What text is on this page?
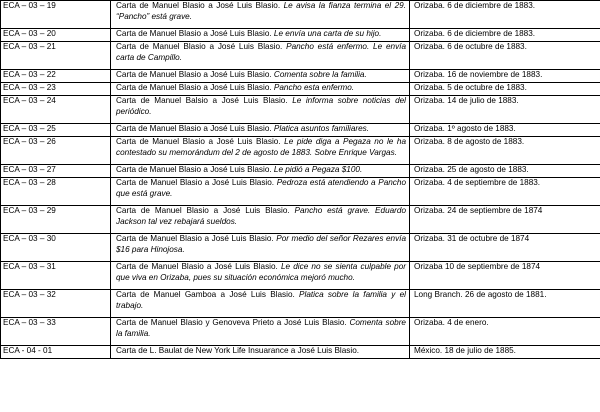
ECA – 03 – 19	Carta de Manuel Blasio a José Luis Blasio. Le avisa la fianza termina el 29. “Pancho” está grave.	Orizaba. 6 de diciembre de 1883.
ECA – 03 – 20	Carta de Manuel Blasio a José Luis Blasio. Le envía una carta de su hijo.	Orizaba. 6 de diciembre de 1883.
ECA – 03 – 21	Carta de Manuel Blasio a José Luis Blasio. Pancho está enfermo. Le envía carta de Campillo.	Orizaba. 6 de octubre de 1883.
ECA – 03 – 22	Carta de Manuel Blasio a José Luis Blasio. Comenta sobre la familia.	Orizaba. 16 de noviembre de 1883.
ECA – 03 – 23	Carta de Manuel Blasio a José Luis Blasio. Pancho esta enfermo.	Orizaba. 5 de octubre de 1883.
ECA – 03 – 24	Carta de Manuel Balsio a José Luis Blasio. Le informa sobre noticias del periódico.	Orizaba. 14 de julio de 1883.
ECA – 03 – 25	Carta de Manuel Blasio a José Luis Blasio. Platica asuntos familiares.	Orizaba. 1º agosto de 1883.
ECA – 03 – 26	Carta de Manuel Blasio a José Luis Blasio. Le pide diga a Pegaza no le ha contestado su memorándum del 2 de agosto de 1883. Sobre Enrique Vargas.	Orizaba. 8 de agosto de 1883.
ECA – 03 – 27	Carta de Manuel Blasio a José Luis Blasio. Le pidió a Pegaza $100.	Orizaba. 25 de agosto de 1883.
ECA – 03 – 28	Carta de Manuel Blasio a José Luis Blasio. Pedroza está atendiendo a Pancho que está grave.	Orizaba. 4 de septiembre de 1883.
ECA – 03 – 29	Carta de Manuel Blasio a José Luis Blasio. Pancho está grave. Eduardo Jackson tal vez rebajará sueldos.	Orizaba. 24 de septiembre de 1874
ECA – 03 – 30	Carta de Manuel Blasio a José Luis Blasio. Por medio del señor Rezares envía $16 para Hinojosa.	Orizaba. 31 de octubre de 1874
ECA – 03 – 31	Carta de Manuel Blasio a José Luis Blasio. Le dice no se sienta culpable por que viva en Orizaba, pues su situación económica mejoró mucho.	Orizaba 10 de septiembre de 1874
ECA – 03 – 32	Carta de Manuel Gamboa a José Luis Blasio. Platica sobre la familia y el trabajo.	Long Branch. 26 de agosto de 1881.
ECA – 03 – 33	Carta de Manuel Blasio y Genoveva Prieto a José Luis Blasio. Comenta sobre la familia.	Orizaba. 4 de enero.
ECA - 04 - 01	Carta de L. Baulat de New York Life Insuarance a José Luis Blasio.	México. 18 de julio de 1885.
